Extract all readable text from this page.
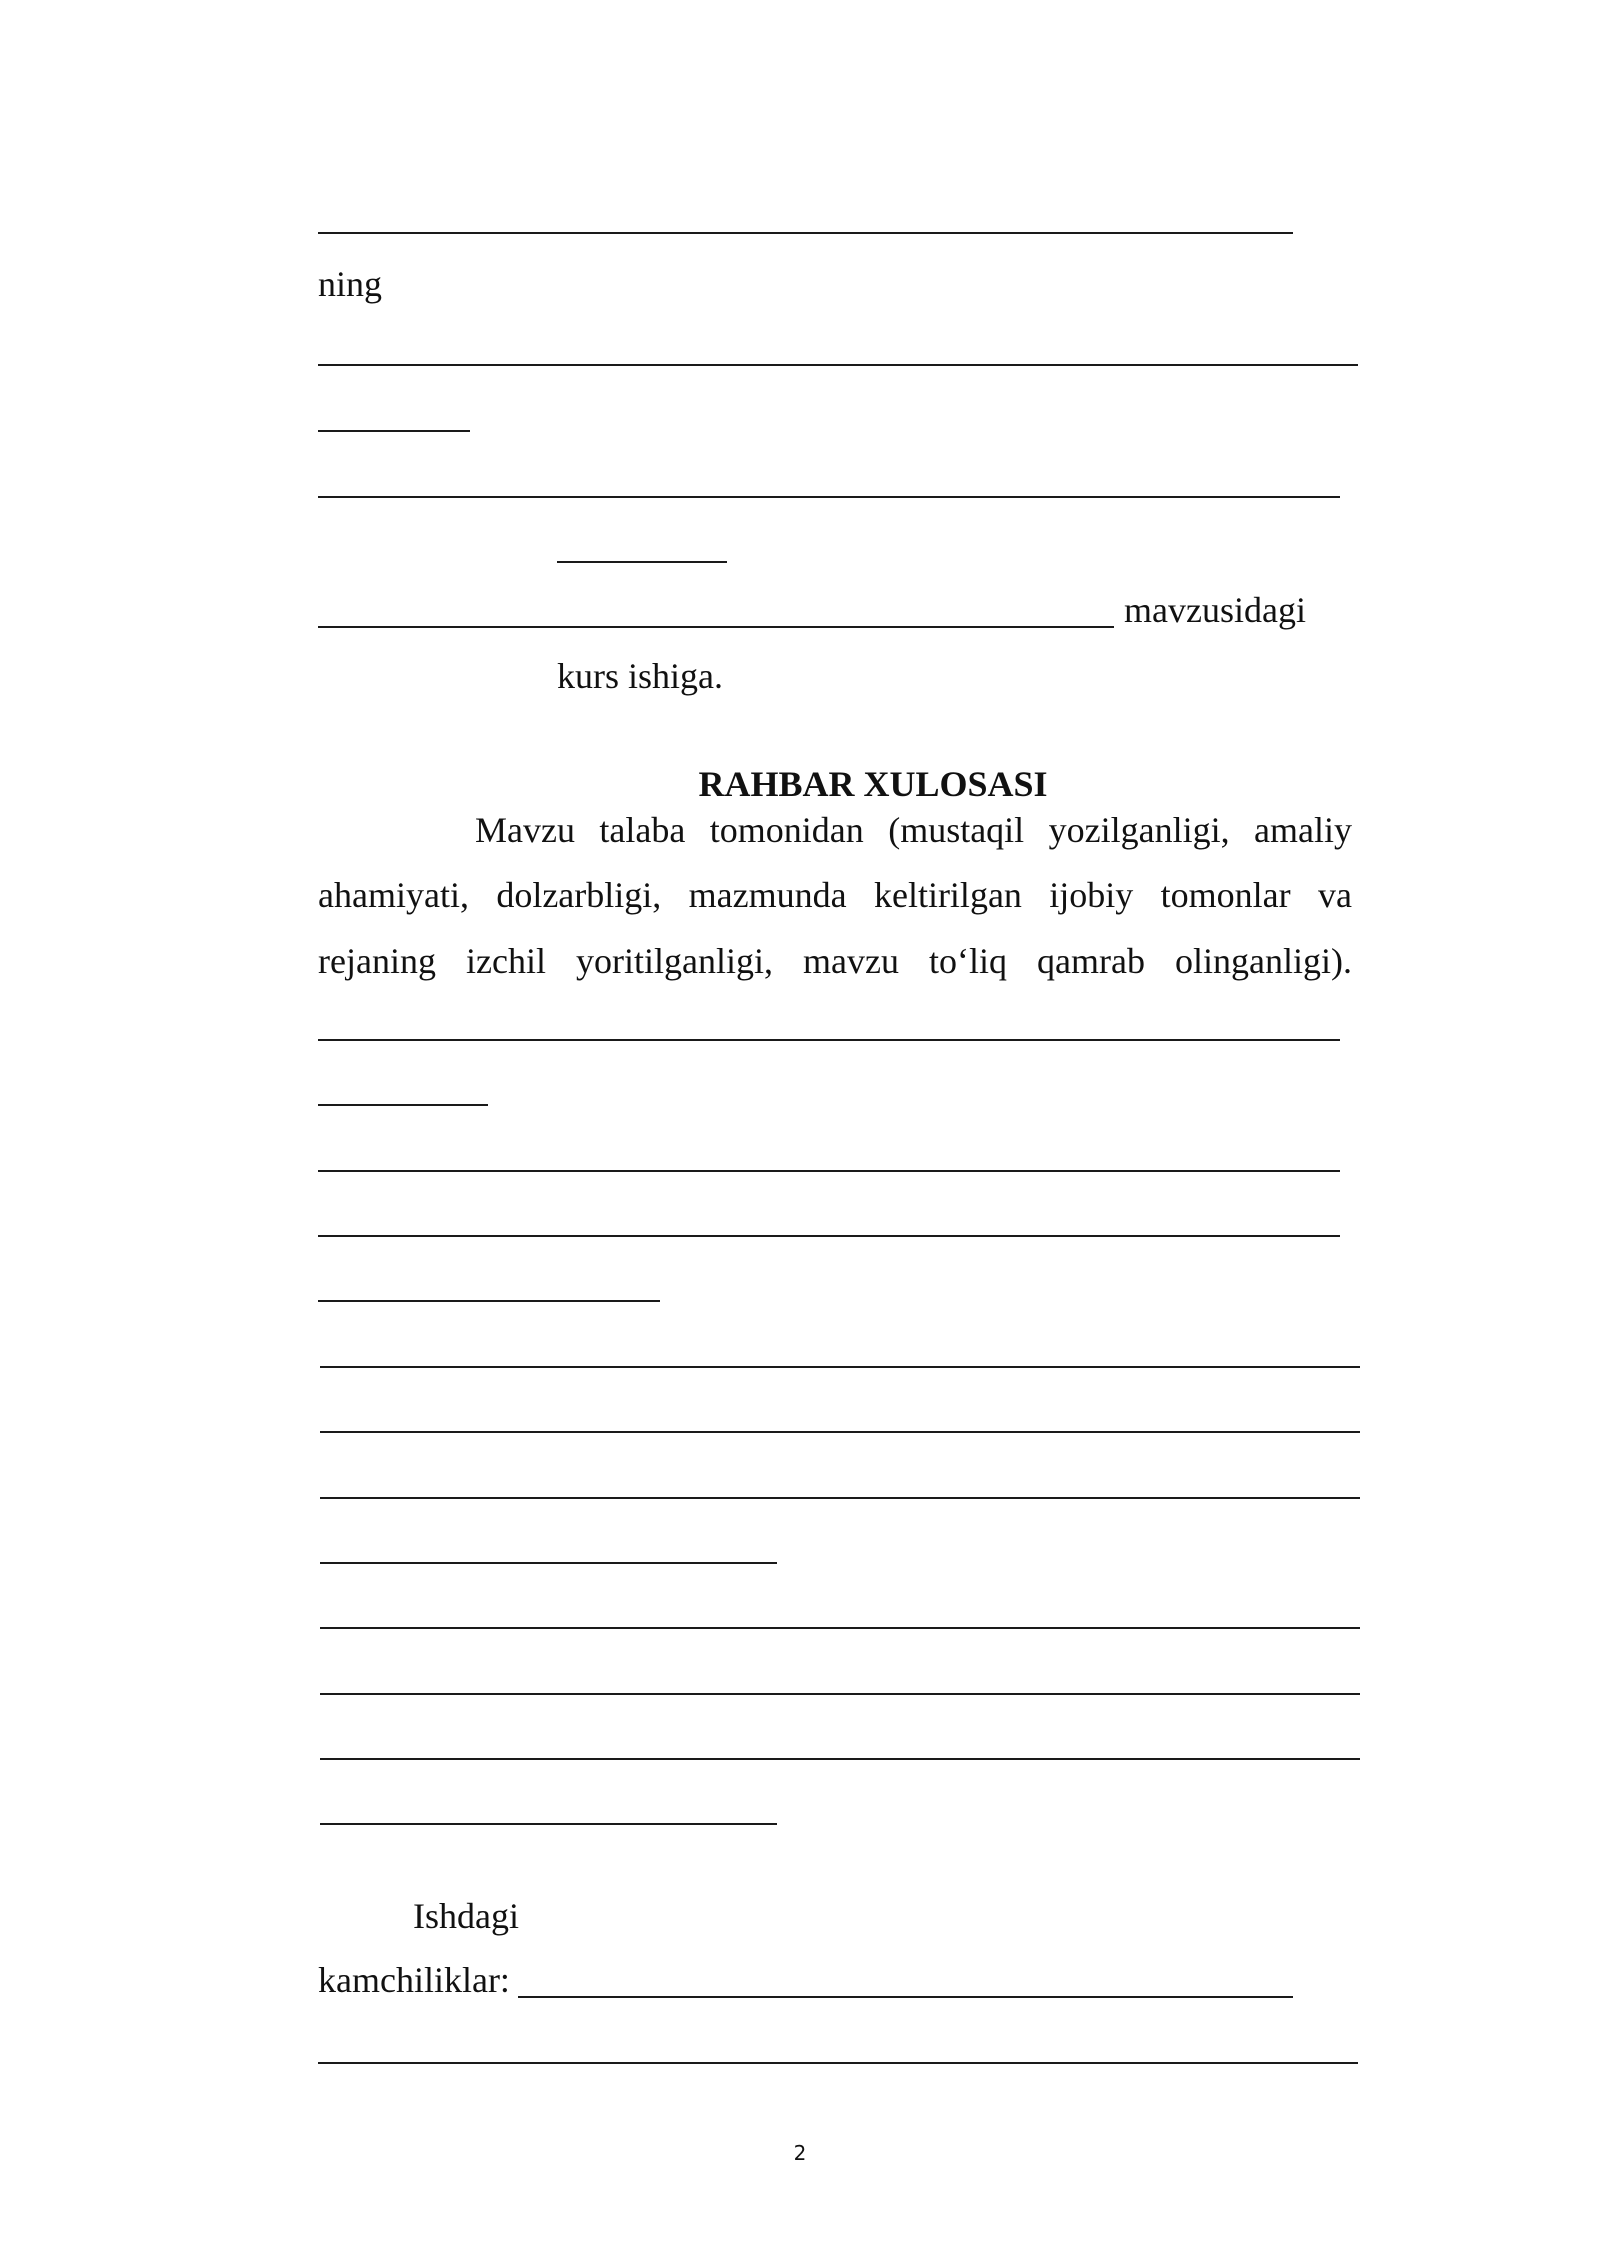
ning
mavzusidagi
kurs ishiga.
RAHBAR XULOSASI
Mavzu talaba tomonidan (mustaqil yozilganligi, amaliy
ahamiyati, dolzarbligi, mazmunda keltirilgan ijobiy tomonlar va
rejaning izchil yoritilganligi, mavzu to‘liq qamrab olinganligi).
Ishdagi
kamchiliklar:
2
